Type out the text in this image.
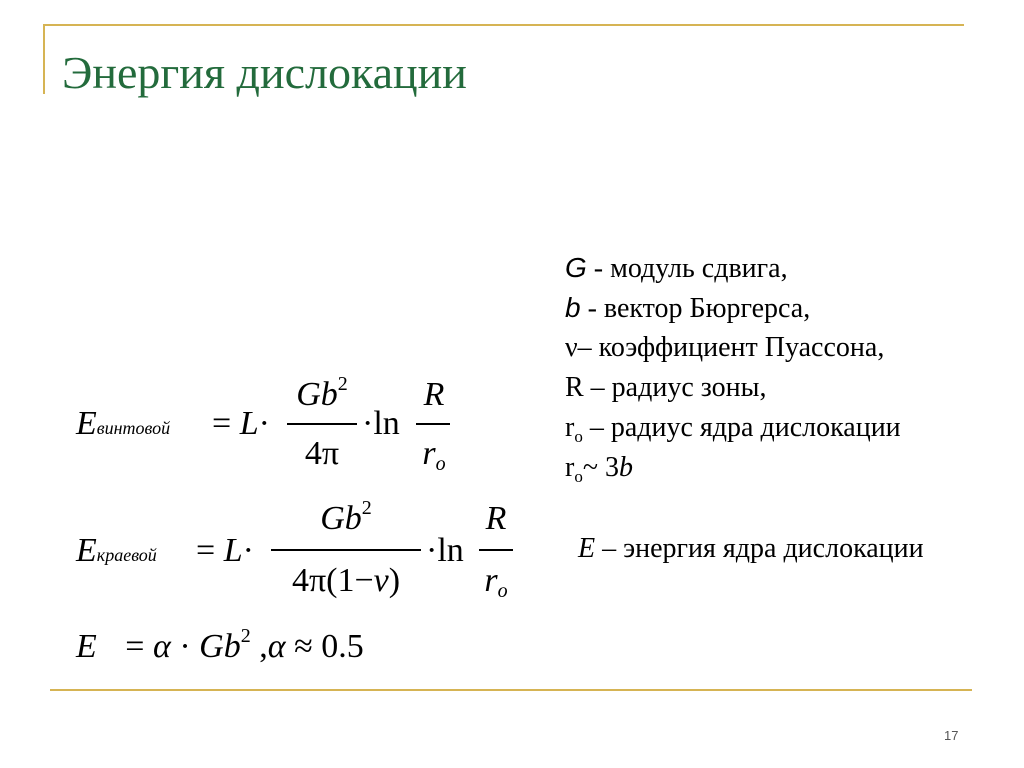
Энергия дислокации
G - модуль сдвига,
b - вектор Бюргерса,
ν– коэффициент Пуассона,
R – радиус зоны,
$r_o$ – радиус ядра дислокации
$r_o\sim$ 3b
E – энергия ядра дислокации
Eвинтовой = L·
$Gb^2$
4π
·ln
R
ro
Eкраевой = L·
$Gb^2$
4π(1−ν)
·ln
R
ro
$E = \alpha \cdot Gb^2$ ,α ≈ 0.5
17
